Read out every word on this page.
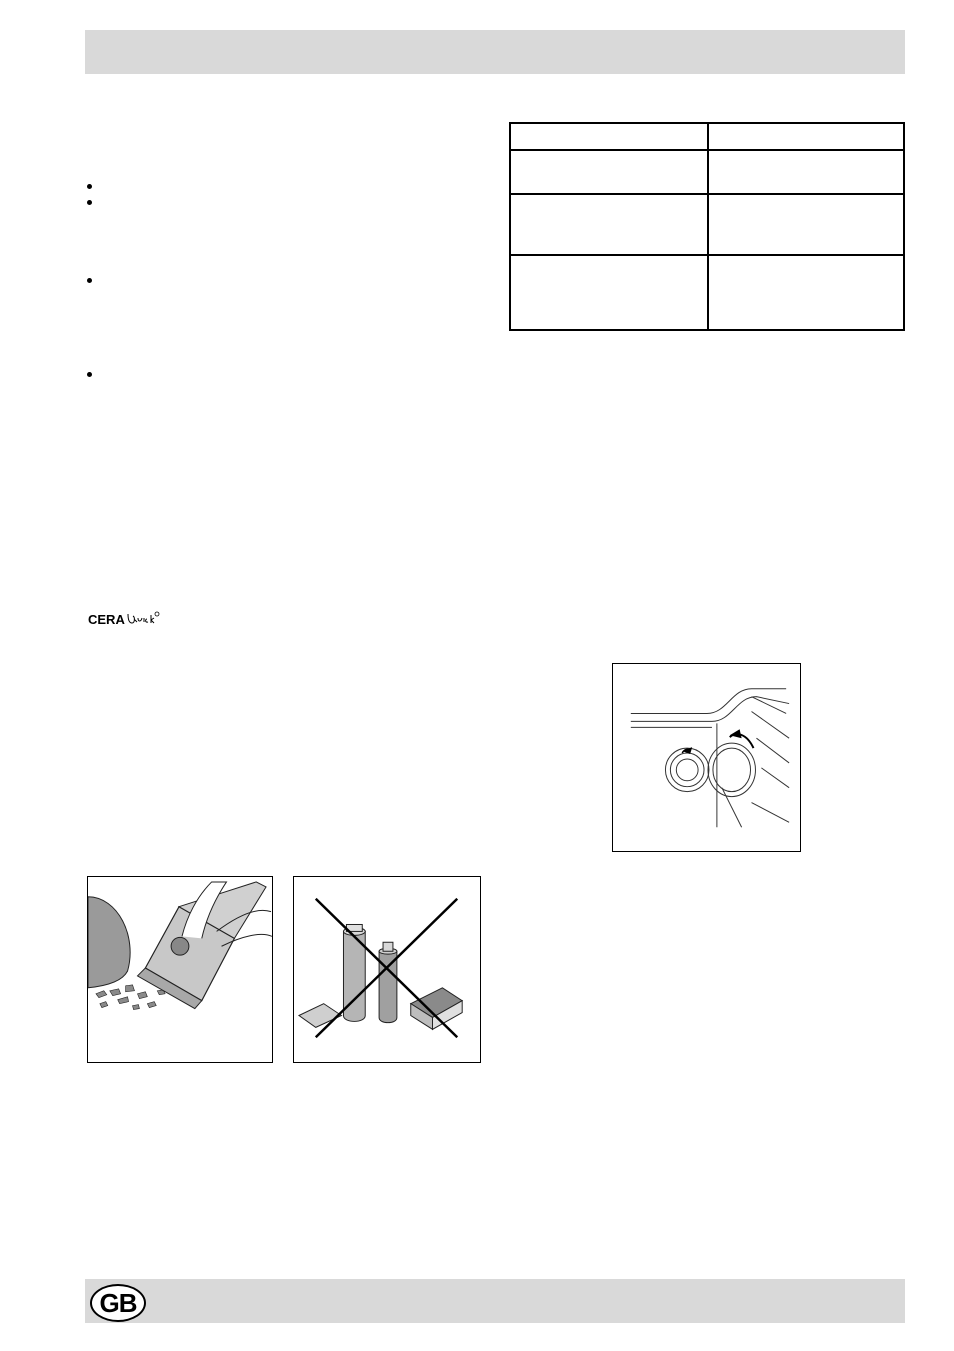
CERA
GB
